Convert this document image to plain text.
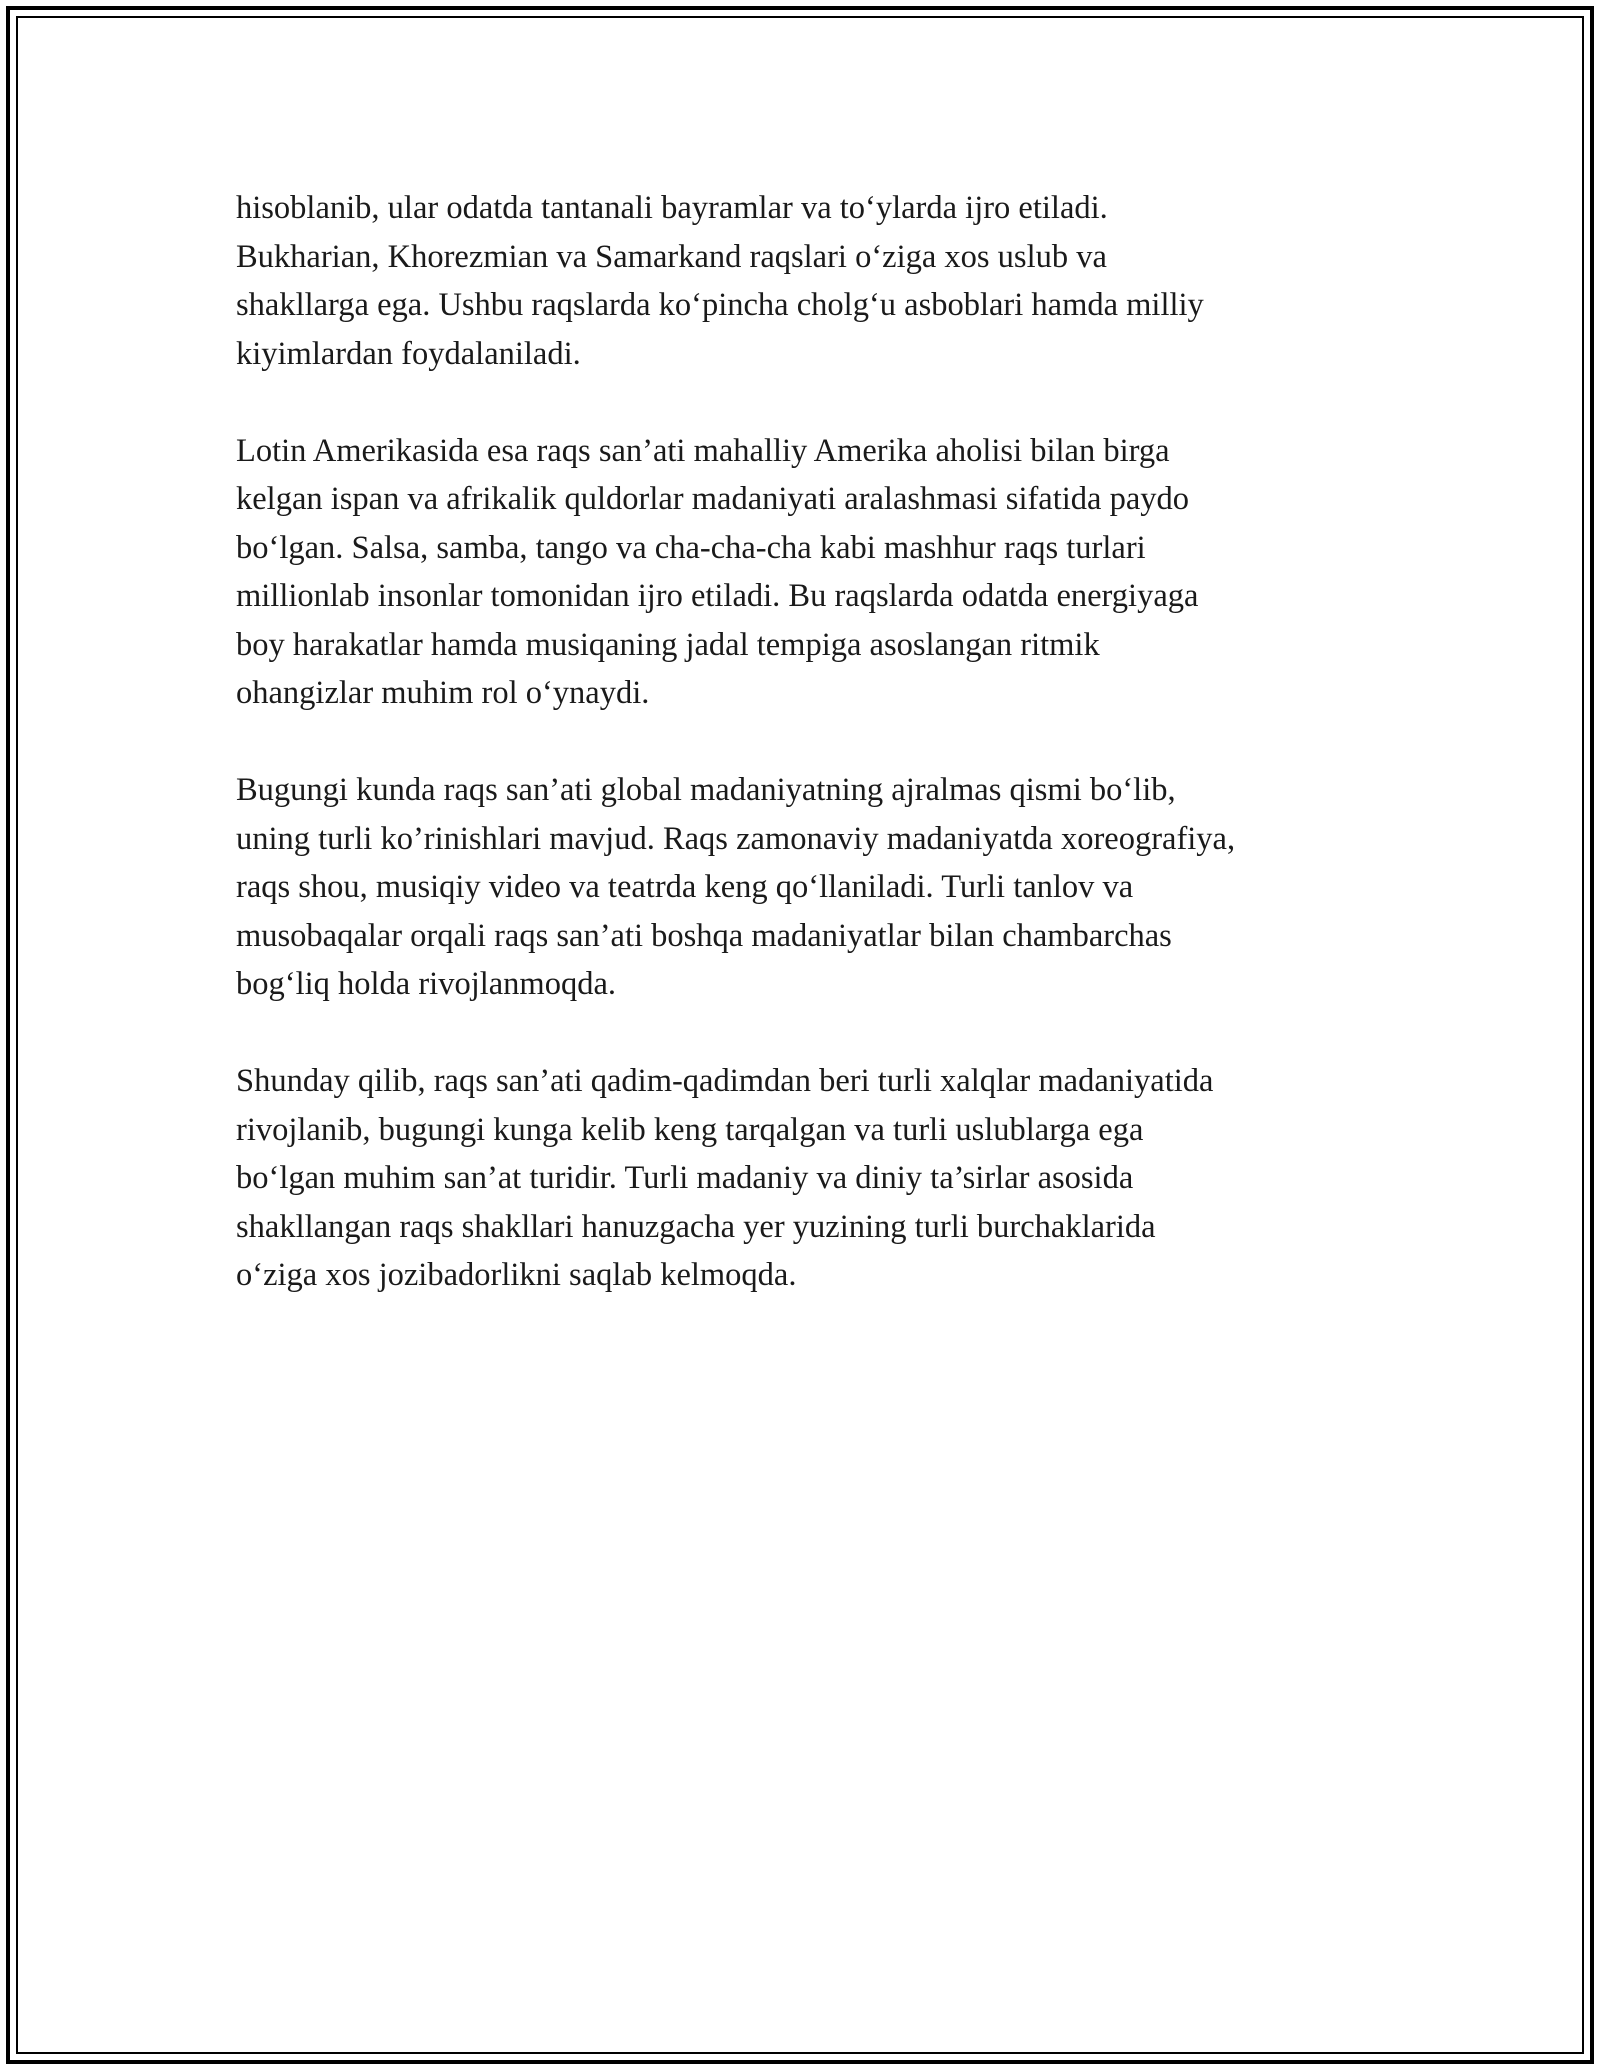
hisoblanib, ular odatda tantanali bayramlar va to‘ylarda ijro etiladi.
Bukharian, Khorezmian va Samarkand raqslari o‘ziga xos uslub va
shakllarga ega. Ushbu raqslarda ko‘pincha cholg‘u asboblari hamda milliy
kiyimlardan foydalaniladi.

Lotin Amerikasida esa raqs san’ati mahalliy Amerika aholisi bilan birga
kelgan ispan va afrikalik quldorlar madaniyati aralashmasi sifatida paydo
bo‘lgan. Salsa, samba, tango va cha-cha-cha kabi mashhur raqs turlari
millionlab insonlar tomonidan ijro etiladi. Bu raqslarda odatda energiyaga
boy harakatlar hamda musiqaning jadal tempiga asoslangan ritmik
ohangizlar muhim rol o‘ynaydi.

Bugungi kunda raqs san’ati global madaniyatning ajralmas qismi bo‘lib,
uning turli ko’rinishlari mavjud. Raqs zamonaviy madaniyatda xoreografiya,
raqs shou, musiqiy video va teatrda keng qo‘llaniladi. Turli tanlov va
musobaqalar orqali raqs san’ati boshqa madaniyatlar bilan chambarchas
bog‘liq holda rivojlanmoqda.

Shunday qilib, raqs san’ati qadim-qadimdan beri turli xalqlar madaniyatida
rivojlanib, bugungi kunga kelib keng tarqalgan va turli uslublarga ega
bo‘lgan muhim san’at turidir. Turli madaniy va diniy ta’sirlar asosida
shakllangan raqs shakllari hanuzgacha yer yuzining turli burchaklarida
o‘ziga xos jozibadorlikni saqlab kelmoqda.
